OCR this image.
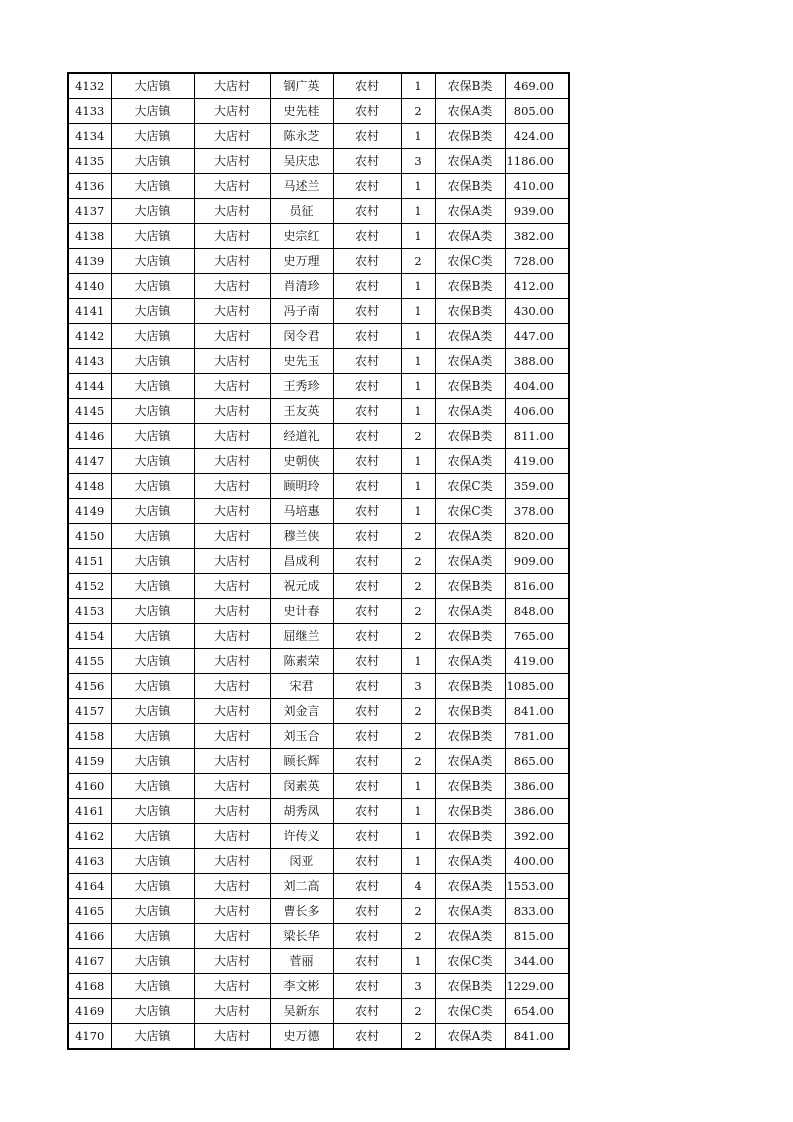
4132	大店镇	大店村	钢广英	农村	1	农保B类	469.00
4133	大店镇	大店村	史先桂	农村	2	农保A类	805.00
4134	大店镇	大店村	陈永芝	农村	1	农保B类	424.00
4135	大店镇	大店村	吴庆忠	农村	3	农保A类	1186.00
4136	大店镇	大店村	马述兰	农村	1	农保B类	410.00
4137	大店镇	大店村	员征	农村	1	农保A类	939.00
4138	大店镇	大店村	史宗红	农村	1	农保A类	382.00
4139	大店镇	大店村	史万理	农村	2	农保C类	728.00
4140	大店镇	大店村	肖清珍	农村	1	农保B类	412.00
4141	大店镇	大店村	冯子南	农村	1	农保B类	430.00
4142	大店镇	大店村	闵令君	农村	1	农保A类	447.00
4143	大店镇	大店村	史先玉	农村	1	农保A类	388.00
4144	大店镇	大店村	王秀珍	农村	1	农保B类	404.00
4145	大店镇	大店村	王友英	农村	1	农保A类	406.00
4146	大店镇	大店村	经道礼	农村	2	农保B类	811.00
4147	大店镇	大店村	史朝侠	农村	1	农保A类	419.00
4148	大店镇	大店村	顾明玲	农村	1	农保C类	359.00
4149	大店镇	大店村	马培惠	农村	1	农保C类	378.00
4150	大店镇	大店村	穆兰侠	农村	2	农保A类	820.00
4151	大店镇	大店村	昌成利	农村	2	农保A类	909.00
4152	大店镇	大店村	祝元成	农村	2	农保B类	816.00
4153	大店镇	大店村	史计春	农村	2	农保A类	848.00
4154	大店镇	大店村	屈继兰	农村	2	农保B类	765.00
4155	大店镇	大店村	陈素荣	农村	1	农保A类	419.00
4156	大店镇	大店村	宋君	农村	3	农保B类	1085.00
4157	大店镇	大店村	刘金言	农村	2	农保B类	841.00
4158	大店镇	大店村	刘玉合	农村	2	农保B类	781.00
4159	大店镇	大店村	顾长辉	农村	2	农保A类	865.00
4160	大店镇	大店村	闵素英	农村	1	农保B类	386.00
4161	大店镇	大店村	胡秀凤	农村	1	农保B类	386.00
4162	大店镇	大店村	许传义	农村	1	农保B类	392.00
4163	大店镇	大店村	闵亚	农村	1	农保A类	400.00
4164	大店镇	大店村	刘二高	农村	4	农保A类	1553.00
4165	大店镇	大店村	曹长多	农村	2	农保A类	833.00
4166	大店镇	大店村	梁长华	农村	2	农保A类	815.00
4167	大店镇	大店村	菅丽	农村	1	农保C类	344.00
4168	大店镇	大店村	李文彬	农村	3	农保B类	1229.00
4169	大店镇	大店村	吴新东	农村	2	农保C类	654.00
4170	大店镇	大店村	史万德	农村	2	农保A类	841.00
